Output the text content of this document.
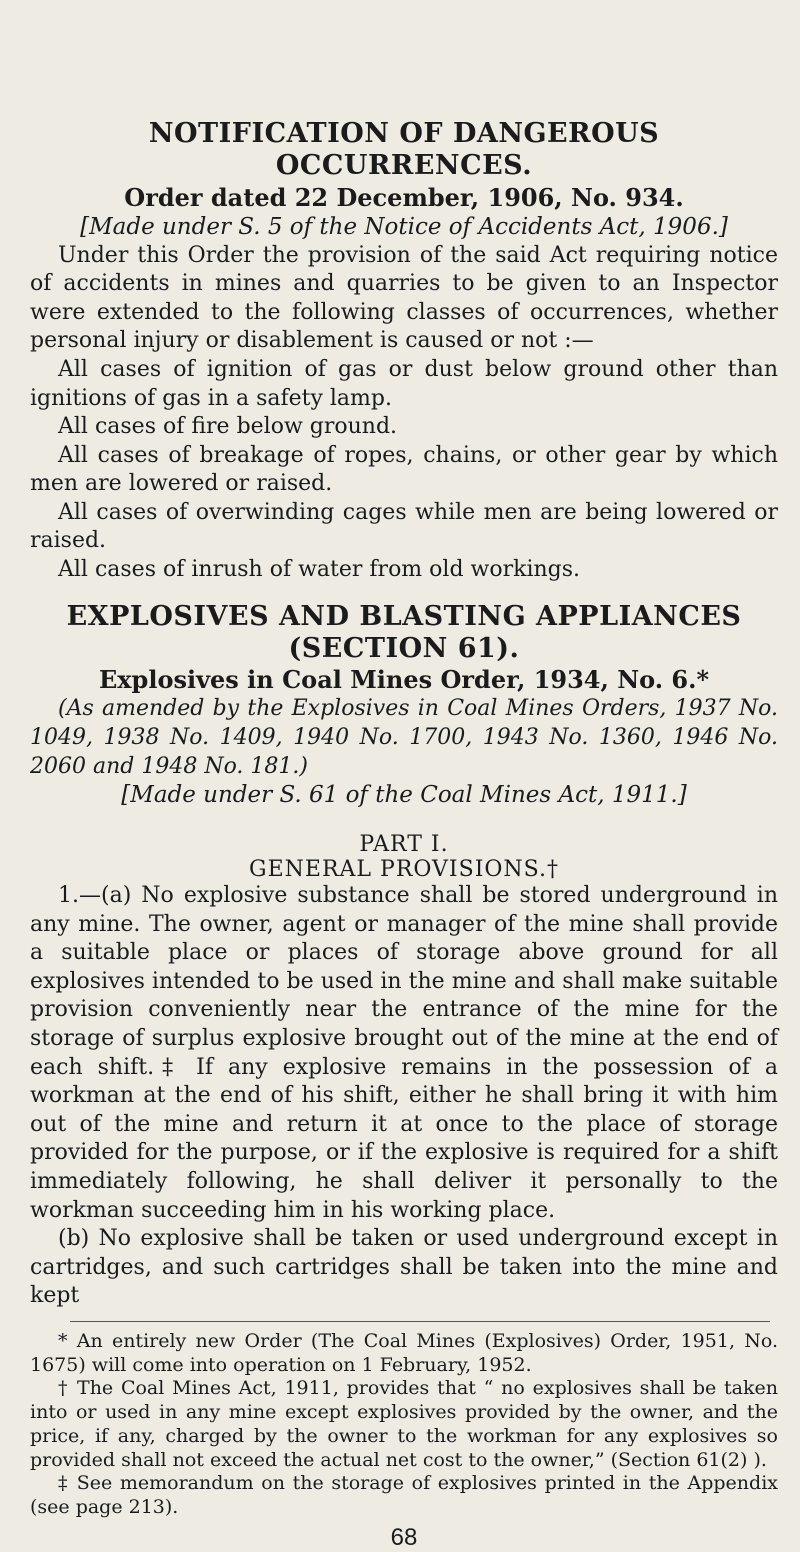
NOTIFICATION OF DANGEROUS OCCURRENCES.
Order dated 22 December, 1906, No. 934.
[Made under S. 5 of the Notice of Accidents Act, 1906.]

Under this Order the provision of the said Act requiring notice of accidents in mines and quarries to be given to an Inspector were extended to the following classes of occurrences, whether personal injury or disablement is caused or not :—

All cases of ignition of gas or dust below ground other than ignitions of gas in a safety lamp.

All cases of fire below ground.

All cases of breakage of ropes, chains, or other gear by which men are lowered or raised.

All cases of overwinding cages while men are being lowered or raised.

All cases of inrush of water from old workings.

EXPLOSIVES AND BLASTING APPLIANCES (SECTION 61).
Explosives in Coal Mines Order, 1934, No. 6.*

(As amended by the Explosives in Coal Mines Orders, 1937 No. 1049, 1938 No. 1409, 1940 No. 1700, 1943 No. 1360, 1946 No. 2060 and 1948 No. 181.)

[Made under S. 61 of the Coal Mines Act, 1911.]
PART I.
GENERAL PROVISIONS.†

1.—(a) No explosive substance shall be stored underground in any mine. The owner, agent or manager of the mine shall provide a suitable place or places of storage above ground for all explosives intended to be used in the mine and shall make suitable provision conveniently near the entrance of the mine for the storage of surplus explosive brought out of the mine at the end of each shift.‡ If any explosive remains in the possession of a workman at the end of his shift, either he shall bring it with him out of the mine and return it at once to the place of storage provided for the purpose, or if the explosive is required for a shift immediately following, he shall deliver it personally to the workman succeeding him in his working place.

(b) No explosive shall be taken or used underground except in cartridges, and such cartridges shall be taken into the mine and kept

* An entirely new Order (The Coal Mines (Explosives) Order, 1951, No. 1675) will come into operation on 1 February, 1952.

† The Coal Mines Act, 1911, provides that “ no explosives shall be taken into or used in any mine except explosives provided by the owner, and the price, if any, charged by the owner to the workman for any explosives so provided shall not exceed the actual net cost to the owner,” (Section 61(2) ).

‡ See memorandum on the storage of explosives printed in the Appendix (see page 213).

68
